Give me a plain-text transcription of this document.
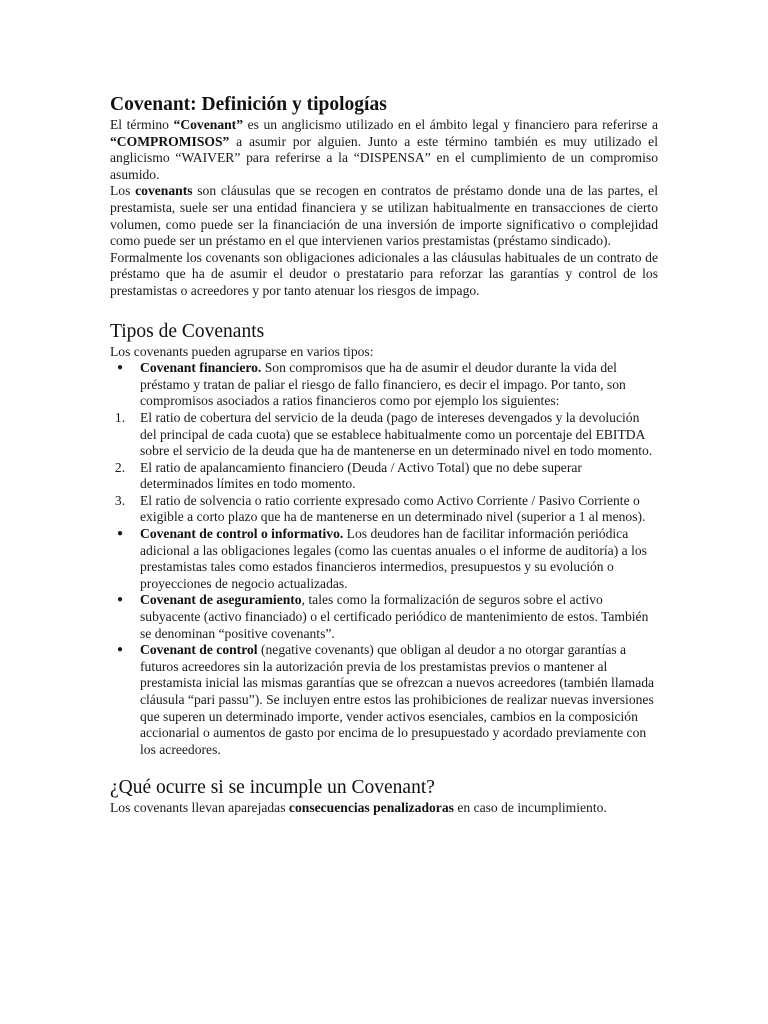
Covenant: Definición y tipologías

El término “Covenant” es un anglicismo utilizado en el ámbito legal y financiero para referirse a “COMPROMISOS” a asumir por alguien. Junto a este término también es muy utilizado el anglicismo “WAIVER” para referirse a la “DISPENSA” en el cumplimiento de un compromiso asumido.

Los covenants son cláusulas que se recogen en contratos de préstamo donde una de las partes, el prestamista, suele ser una entidad financiera y se utilizan habitualmente en transacciones de cierto volumen, como puede ser la financiación de una inversión de importe significativo o complejidad como puede ser un préstamo en el que intervienen varios prestamistas (préstamo sindicado).

Formalmente los covenants son obligaciones adicionales a las cláusulas habituales de un contrato de préstamo que ha de asumir el deudor o prestatario para reforzar las garantías y control de los prestamistas o acreedores y por tanto atenuar los riesgos de impago.

Tipos de Covenants

Los covenants pueden agruparse en varios tipos:

●	Covenant financiero. Son compromisos que ha de asumir el deudor durante la vida del préstamo y tratan de paliar el riesgo de fallo financiero, es decir el impago. Por tanto, son compromisos asociados a ratios financieros como por ejemplo los siguientes:
1.	El ratio de cobertura del servicio de la deuda (pago de intereses devengados y la devolución del principal de cada cuota) que se establece habitualmente como un porcentaje del EBITDA sobre el servicio de la deuda que ha de mantenerse en un determinado nivel en todo momento.
2.	El ratio de apalancamiento financiero (Deuda / Activo Total) que no debe superar determinados límites en todo momento.
3.	El ratio de solvencia o ratio corriente expresado como Activo Corriente / Pasivo Corriente o exigible a corto plazo que ha de mantenerse en un determinado nivel (superior a 1 al menos).
●	Covenant de control o informativo. Los deudores han de facilitar información periódica adicional a las obligaciones legales (como las cuentas anuales o el informe de auditoría) a los prestamistas tales como estados financieros intermedios, presupuestos y su evolución o proyecciones de negocio actualizadas.
●	Covenant de aseguramiento, tales como la formalización de seguros sobre el activo subyacente (activo financiado) o el certificado periódico de mantenimiento de estos. También se denominan “positive covenants”.
●	Covenant de control (negative covenants) que obligan al deudor a no otorgar garantías a futuros acreedores sin la autorización previa de los prestamistas previos o mantener al prestamista inicial las mismas garantías que se ofrezcan a nuevos acreedores (también llamada cláusula “pari passu”). Se incluyen entre estos las prohibiciones de realizar nuevas inversiones que superen un determinado importe, vender activos esenciales, cambios en la composición accionarial o aumentos de gasto por encima de lo presupuestado y acordado previamente con los acreedores.
¿Qué ocurre si se incumple un Covenant?

Los covenants llevan aparejadas consecuencias penalizadoras en caso de incumplimiento.
